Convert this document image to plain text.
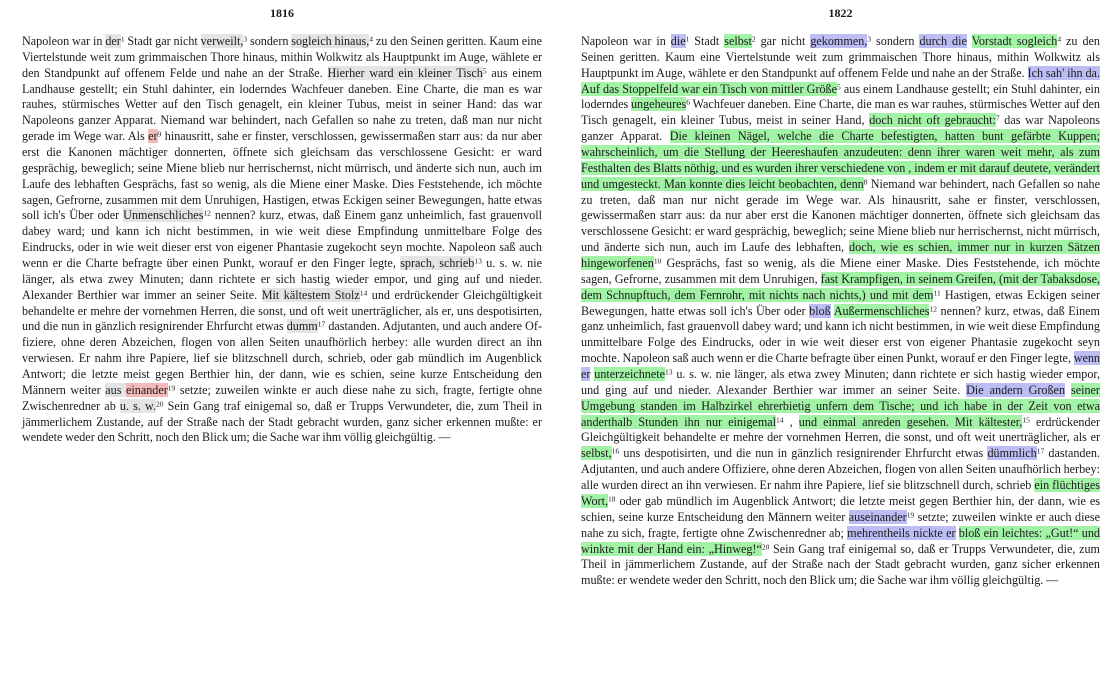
1816
Napoleon war in der$^1$ Stadt gar nicht verweilt,$^3$ sondern sogleich hinaus,$^4$ zu den Seinen geritten. Kaum eine Viertelstunde weit zum grimmaischen Thore hinaus, mithin Wolkwitz als Hauptpunkt im Auge, wählete er den Standpunkt auf offenem Felde und nahe an der Straße. Hierher ward ein kleiner Tisch$^5$ aus einem Landhause gestellt; ein Stuhl dahinter, ein loderndes Wachfeuer daneben. Eine Charte, die man es war rauhes, stürmisches Wetter auf den Tisch genagelt, ein kleiner Tubus, meist in seiner Hand: das war Napoleons ganzer Apparat. Niemand war behindert, nach Gefallen so nahe zu treten, daß man nur nicht gerade im Wege war. Als er$^9$ hinausritt, sahe er finster, verschlossen, gewissermaßen starr aus: da nur aber erst die Kanonen mächtiger donnerten, öffnete sich gleichsam das verschlossene Gesicht: er ward gesprächig, beweglich; seine Miene blieb nur herrischernst, nicht mürrisch, und änderte sich nun, auch im Laufe des lebhaften Gesprächs, fast so wenig, als die Miene einer Maske. Dies Feststehende, ich möchte sagen, Gefrorne, zusammen mit dem Unruhigen, Hastigen, etwas Eckigen seiner Bewegungen, hatte etwas soll ich's Über oder Unmenschliches$^{12}$ nennen? kurz, etwas, daß Einem ganz unheimlich, fast grauenvoll dabey ward; und kann ich nicht bestimmen, in wie weit diese Empfindung unmittelbare Folge des Eindrucks, oder in wie weit dieser erst von eigener Phantasie zugekocht seyn mochte. Napoleon saß auch wenn er die Charte befragte über einen Punkt, worauf er den Finger legte, sprach, schrieb$^{13}$ u. s. w. nie länger, als etwa zwey Minuten; dann richtete er sich hastig wieder empor, und ging auf und nieder. Alexander Berthier war immer an seiner Seite. Mit kältestem Stolz$^{14}$ und erdrückender Gleichgültigkeit behandelte er mehre der vornehmen Herren, die sonst, und oft weit unerträglicher, als er, uns despotisirten, und die nun in gänzlich resignirender Ehrfurcht etwas dumm$^{17}$ dastanden. Adjutanten, und auch andere Offiziere, ohne deren Abzeichen, flogen von allen Seiten unaufhörlich herbey: alle wurden direct an ihn verwiesen. Er nahm ihre Papiere, lief sie blitzschnell durch, schrieb, oder gab mündlich im Augenblick Antwort; die letzte meist gegen Berthier hin, der dann, wie es schien, seine kurze Entscheidung den Männern weiter aus einander$^{19}$ setzte; zuweilen winkte er auch diese nahe zu sich, fragte, fertigte ohne Zwischenredner ab u. s. w.$^{20}$ Sein Gang traf einigemal so, daß er Trupps Verwundeter, die, zum Theil in jämmerlichem Zustande, auf der Straße nach der Stadt gebracht wurden, ganz sicher erkennen mußte: er wendete weder den Schritt, noch den Blick um; die Sache war ihm völlig gleichgültig. —
1822
Napoleon war in die$^1$ Stadt selbst$^2$ gar nicht gekommen,$^3$ sondern durch die Vorstadt sogleich$^4$ zu den Seinen geritten. Kaum eine Viertelstunde weit zum grimmaischen Thore hinaus, mithin Wolkwitz als Hauptpunkt im Auge, wählete er den Standpunkt auf offenem Felde und nahe an der Straße. Ich sah' ihn da. Auf das Stoppelfeld war ein Tisch von mittler Größe$^5$ aus einem Landhause gestellt; ein Stuhl dahinter, ein loderndes ungeheures$^6$ Wachfeuer daneben. Eine Charte, die man es war rauhes, stürmisches Wetter auf den Tisch genagelt, ein kleiner Tubus, meist in seiner Hand, doch nicht oft gebraucht:$^7$ das war Napoleons ganzer Apparat. Die kleinen Nägel, welche die Charte befestigten, hatten bunt gefärbte Kuppen; wahrscheinlich, um die Stellung der Heereshaufen anzudeuten: denn ihrer waren weit mehr, als zum Festhalten des Blatts nöthig, und es wurden ihrer verschiedene von , indem er mit darauf deutete, verändert und umgesteckt. Man konnte dies leicht beobachten, denn$^8$ Niemand war behindert, nach Gefallen so nahe zu treten, daß man nur nicht gerade im Wege war. Als hinausritt, sahe er finster, verschlossen, gewissermaßen starr aus: da nur aber erst die Kanonen mächtiger donnerten, öffnete sich gleichsam das verschlossene Gesicht: er ward gesprächig, beweglich; seine Miene blieb nur herrischernst, nicht mürrisch, und änderte sich nun, auch im Laufe des lebhaften, doch, wie es schien, immer nur in kurzen Sätzen hingeworfenen$^{10}$ Gesprächs, fast so wenig, als die Miene einer Maske. Dies Feststehende, ich möchte sagen, Gefrorne, zusammen mit dem Unruhigen, fast Krampfigen, in seinem Greifen, (mit der Tabaksdose, dem Schnupftuch, dem Fernrohr, mit nichts nach nichts,) und mit dem$^{11}$ Hastigen, etwas Eckigen seiner Bewegungen, hatte etwas soll ich's Über oder bloß Außermenschliches$^{12}$ nennen? kurz, etwas, daß Einem ganz unheimlich, fast grauenvoll dabey ward; und kann ich nicht bestimmen, in wie weit diese Empfindung unmittelbare Folge des Eindrucks, oder in wie weit dieser erst von eigener Phantasie zugekocht seyn mochte. Napoleon saß auch wenn er die Charte befragte über einen Punkt, worauf er den Finger legte, wenn er unterzeichnete$^{13}$ u. s. w. nie länger, als etwa zwey Minuten; dann richtete er sich hastig wieder empor, und ging auf und nieder. Alexander Berthier war immer an seiner Seite. Die andern Großen seiner Umgebung standen im Halbzirkel ehrerbietig unfern dem Tische; und ich habe in der Zeit von etwa anderthalb Stunden ihn nur einigemal$^{14}$ , und einmal anreden gesehen. Mit kältester,$^{15}$ erdrückender Gleichgültigkeit behandelte er mehre der vornehmen Herren, die sonst, und oft weit unerträglicher, als er selbst,$^{16}$ uns despotisirten, und die nun in gänzlich resignirender Ehrfurcht etwas dümmlich$^{17}$ dastanden. Adjutanten, und auch andere Offiziere, ohne deren Abzeichen, flogen von allen Seiten unaufhörlich herbey: alle wurden direct an ihn verwiesen. Er nahm ihre Papiere, lief sie blitzschnell durch, schrieb ein flüchtiges Wort,$^{18}$ oder gab mündlich im Augenblick Antwort; die letzte meist gegen Berthier hin, der dann, wie es schien, seine kurze Entscheidung den Männern weiter auseinander$^{19}$ setzte; zuweilen winkte er auch diese nahe zu sich, fragte, fertigte ohne Zwischenredner ab; mehrentheils nickte er bloß ein leichtes: „Gut!“ und winkte mit der Hand ein: „Hinweg!“$^{20}$ Sein Gang traf einigemal so, daß er Trupps Verwundeter, die, zum Theil in jämmerlichem Zustande, auf der Straße nach der Stadt gebracht wurden, ganz sicher erkennen mußte: er wendete weder den Schritt, noch den Blick um; die Sache war ihm völlig gleichgültig. —
